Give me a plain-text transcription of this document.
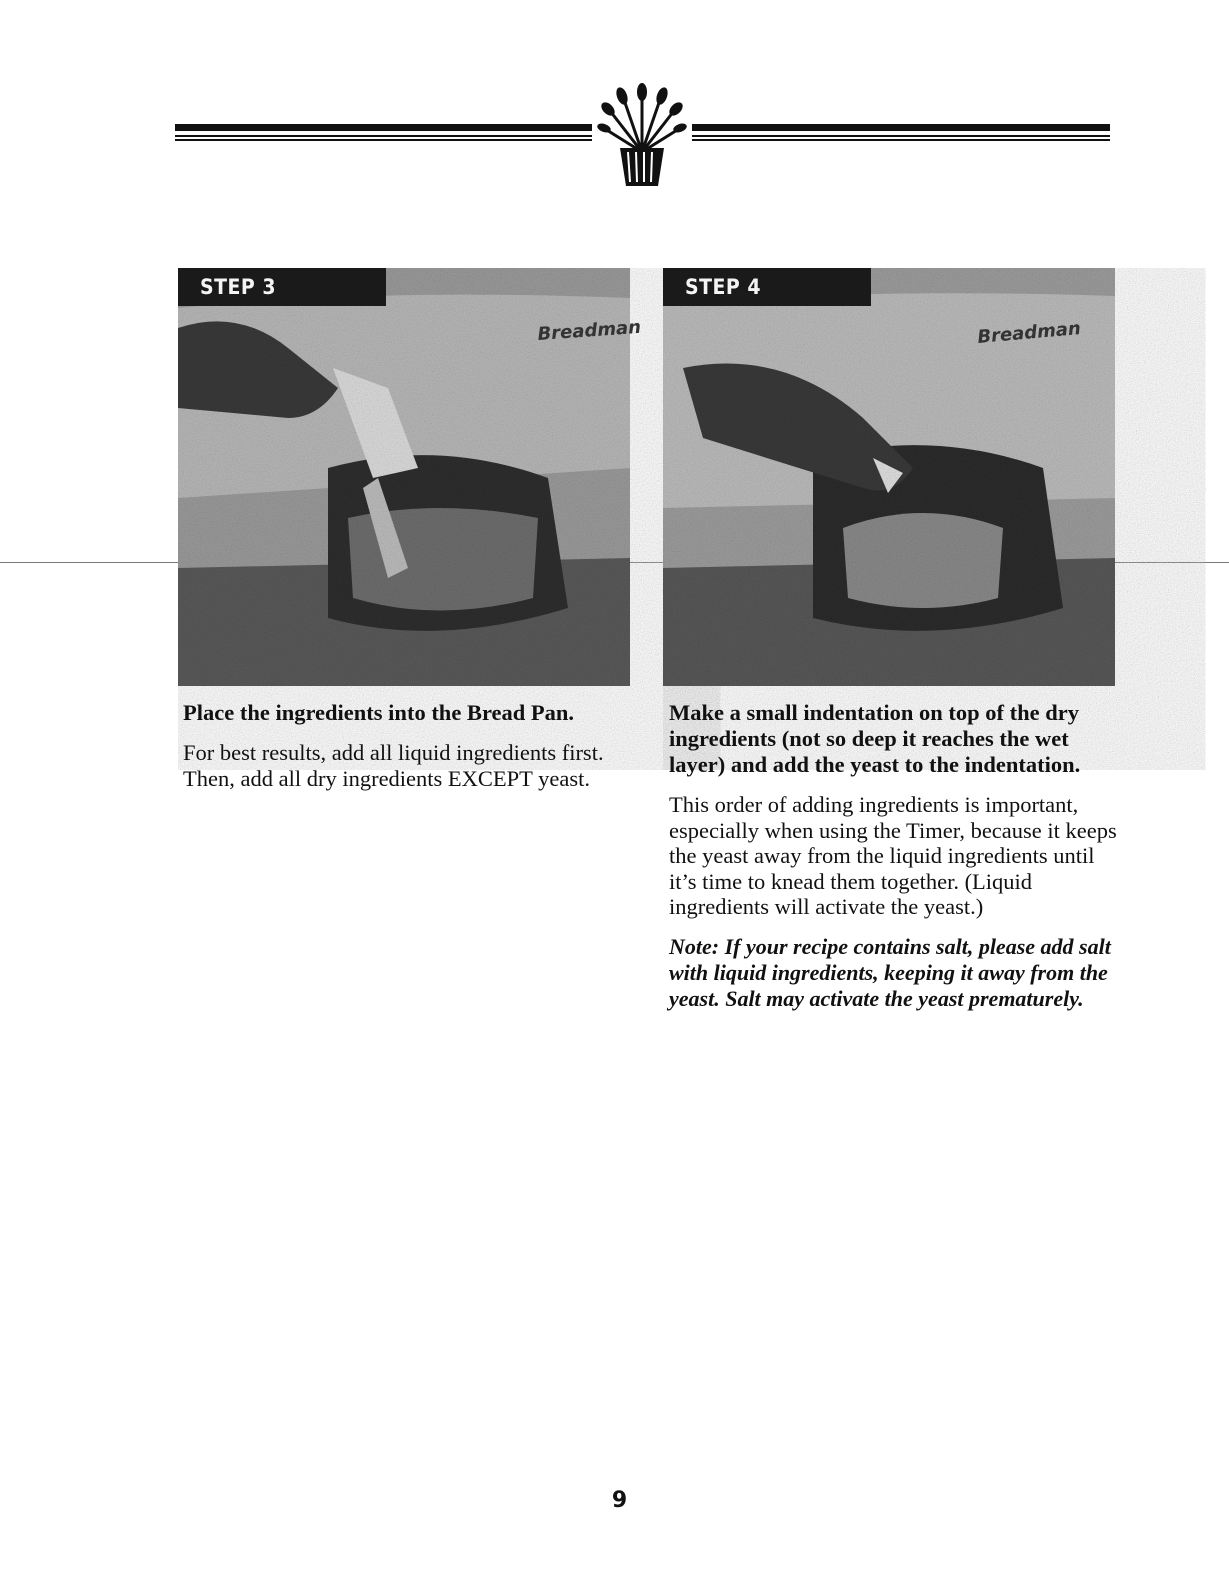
Breadman
STEP 3
Breadman
STEP 4

Place the ingredients into the Bread Pan.

For best results, add all liquid ingredients first. Then, add all dry ingredients EXCEPT yeast.

Make a small indentation on top of the dry ingredients (not so deep it reaches the wet layer) and add the yeast to the indentation.

This order of adding ingredients is important, especially when using the Timer, because it keeps the yeast away from the liquid ingredients until it’s time to knead them together. (Liquid ingredients will activate the yeast.)

Note: If your recipe contains salt, please add salt with liquid ingredients, keeping it away from the yeast. Salt may activate the yeast prematurely.

9
